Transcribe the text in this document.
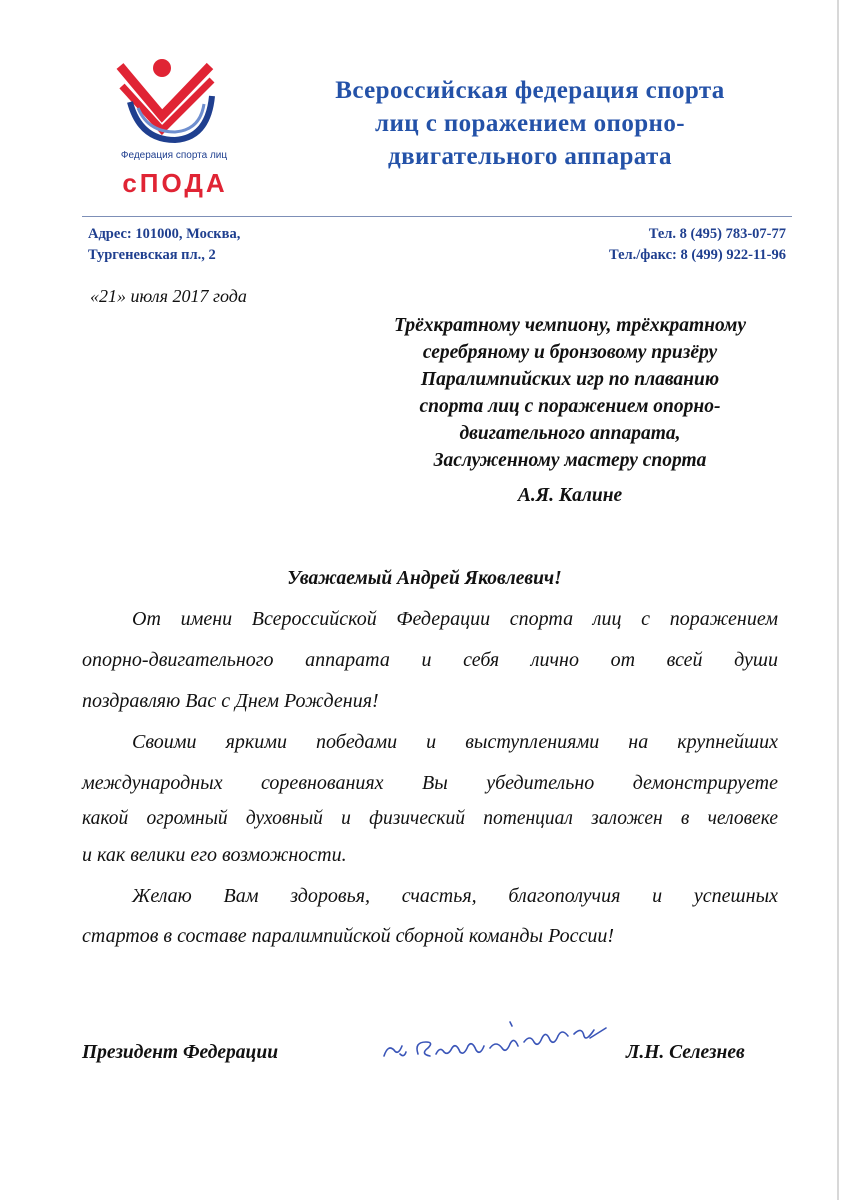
Федерация спорта лиц
сПОДА
Всероссийская федерация спорта
лиц с поражением опорно-
двигательного аппарата
Адрес: 101000, Москва,
Тургеневская пл., 2
Тел. 8 (495) 783-07-77
Тел./факс: 8 (499) 922-11-96
«21» июля 2017 года
Трёхкратному чемпиону, трёхкратному
серебряному и бронзовому призёру
Паралимпийских игр по плаванию
спорта лиц с поражением опорно-
двигательного аппарата,
Заслуженному мастеру спорта
А.Я. Калине
Уважаемый Андрей Яковлевич!
От имени Всероссийской Федерации спорта лиц с поражением
опорно-двигательного аппарата и себя лично от всей души
поздравляю Вас с Днем Рождения!
Своими яркими победами и выступлениями на крупнейших
международных соревнованиях Вы убедительно демонстрируете
какой огромный духовный и физический потенциал заложен в человеке
и как велики его возможности.
Желаю Вам здоровья, счастья, благополучия и успешных
стартов в составе паралимпийской сборной команды России!
Президент Федерации	Л.Н. Селезнев
